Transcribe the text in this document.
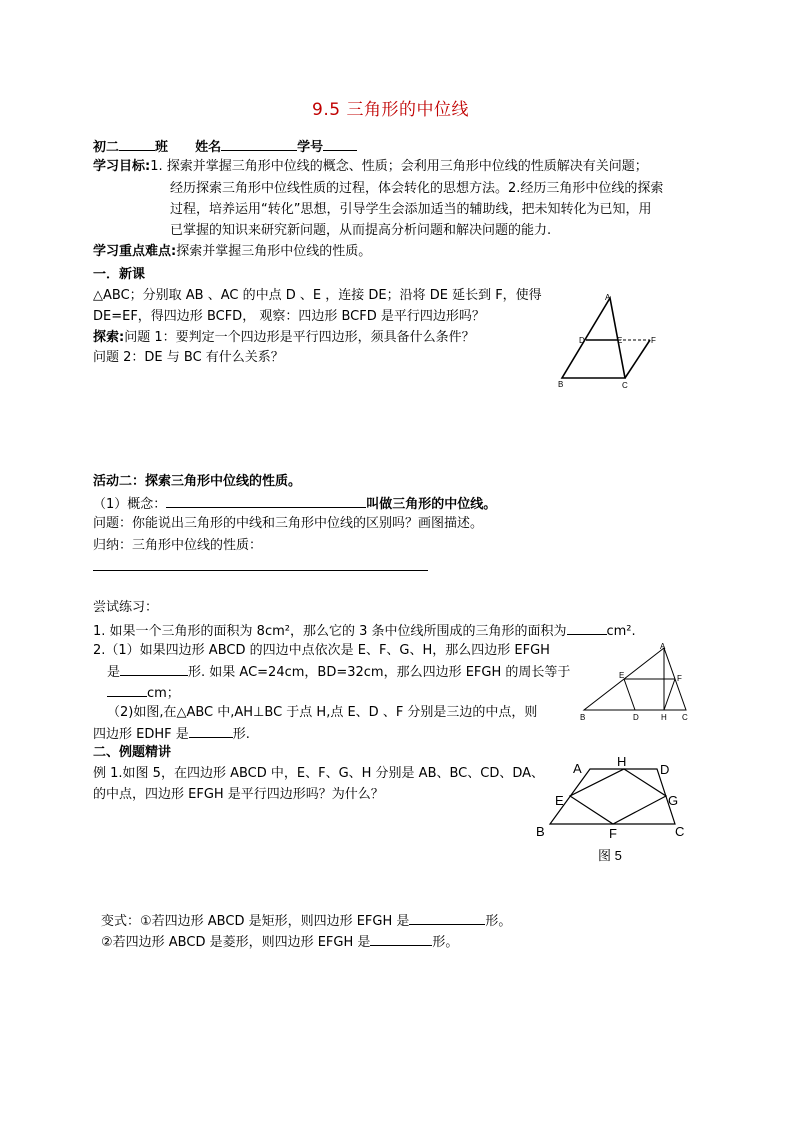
9.5 三角形的中位线
初二	班 姓名	学号
学习目标:1. 探索并掌握三角形中位线的概念、性质；会利用三角形中位线的性质解决有关问题；
经历探索三角形中位线性质的过程，体会转化的思想方法。2.经历三角形中位线的探索
过程，培养运用“转化”思想，引导学生会添加适当的辅助线，把未知转化为已知，用
已掌握的知识来研究新问题，从而提高分析问题和解决问题的能力.
学习重点难点:探索并掌握三角形中位线的性质。
一．新课
△ABC；分别取 AB 、AC 的中点 D 、E ，连接 DE；沿将 DE 延长到 F，使得
DE=EF，得四边形 BCFD， 观察：四边形 BCFD 是平行四边形吗？
探索:问题 1：要判定一个四边形是平行四边形，须具备什么条件？
问题 2：DE 与 BC 有什么关系？
A
D	E	F
B	C
活动二：探索三角形中位线的性质。
（1）概念：	叫做三角形的中位线。
问题：你能说出三角形的中线和三角形中位线的区别吗？画图描述。
归纳：三角形中位线的性质：
尝试练习：
1. 如果一个三角形的面积为 8cm²，那么它的 3 条中位线所围成的三角形的面积为	cm².
2.（1）如果四边形 ABCD 的四边中点依次是 E、F、G、H，那么四边形 EFGH
是	形. 如果 AC=24cm，BD=32cm，那么四边形 EFGH 的周长等于
cm；
（2)如图,在△ABC 中,AH⊥BC 于点 H,点 E、D 、F 分别是三边的中点，则
四边形 EDHF 是	形.
A
E	F
B	D	H C
二、例题精讲
例 1.如图 5，在四边形 ABCD 中，E、F、G、H 分别是 AB、BC、CD、DA、
的中点，四边形 EFGH 是平行四边形吗？为什么？
A	H
D
E	G
B	F	C
图 5
变式：①若四边形 ABCD 是矩形，则四边形 EFGH 是	形。
②若四边形 ABCD 是菱形，则四边形 EFGH 是	形。
